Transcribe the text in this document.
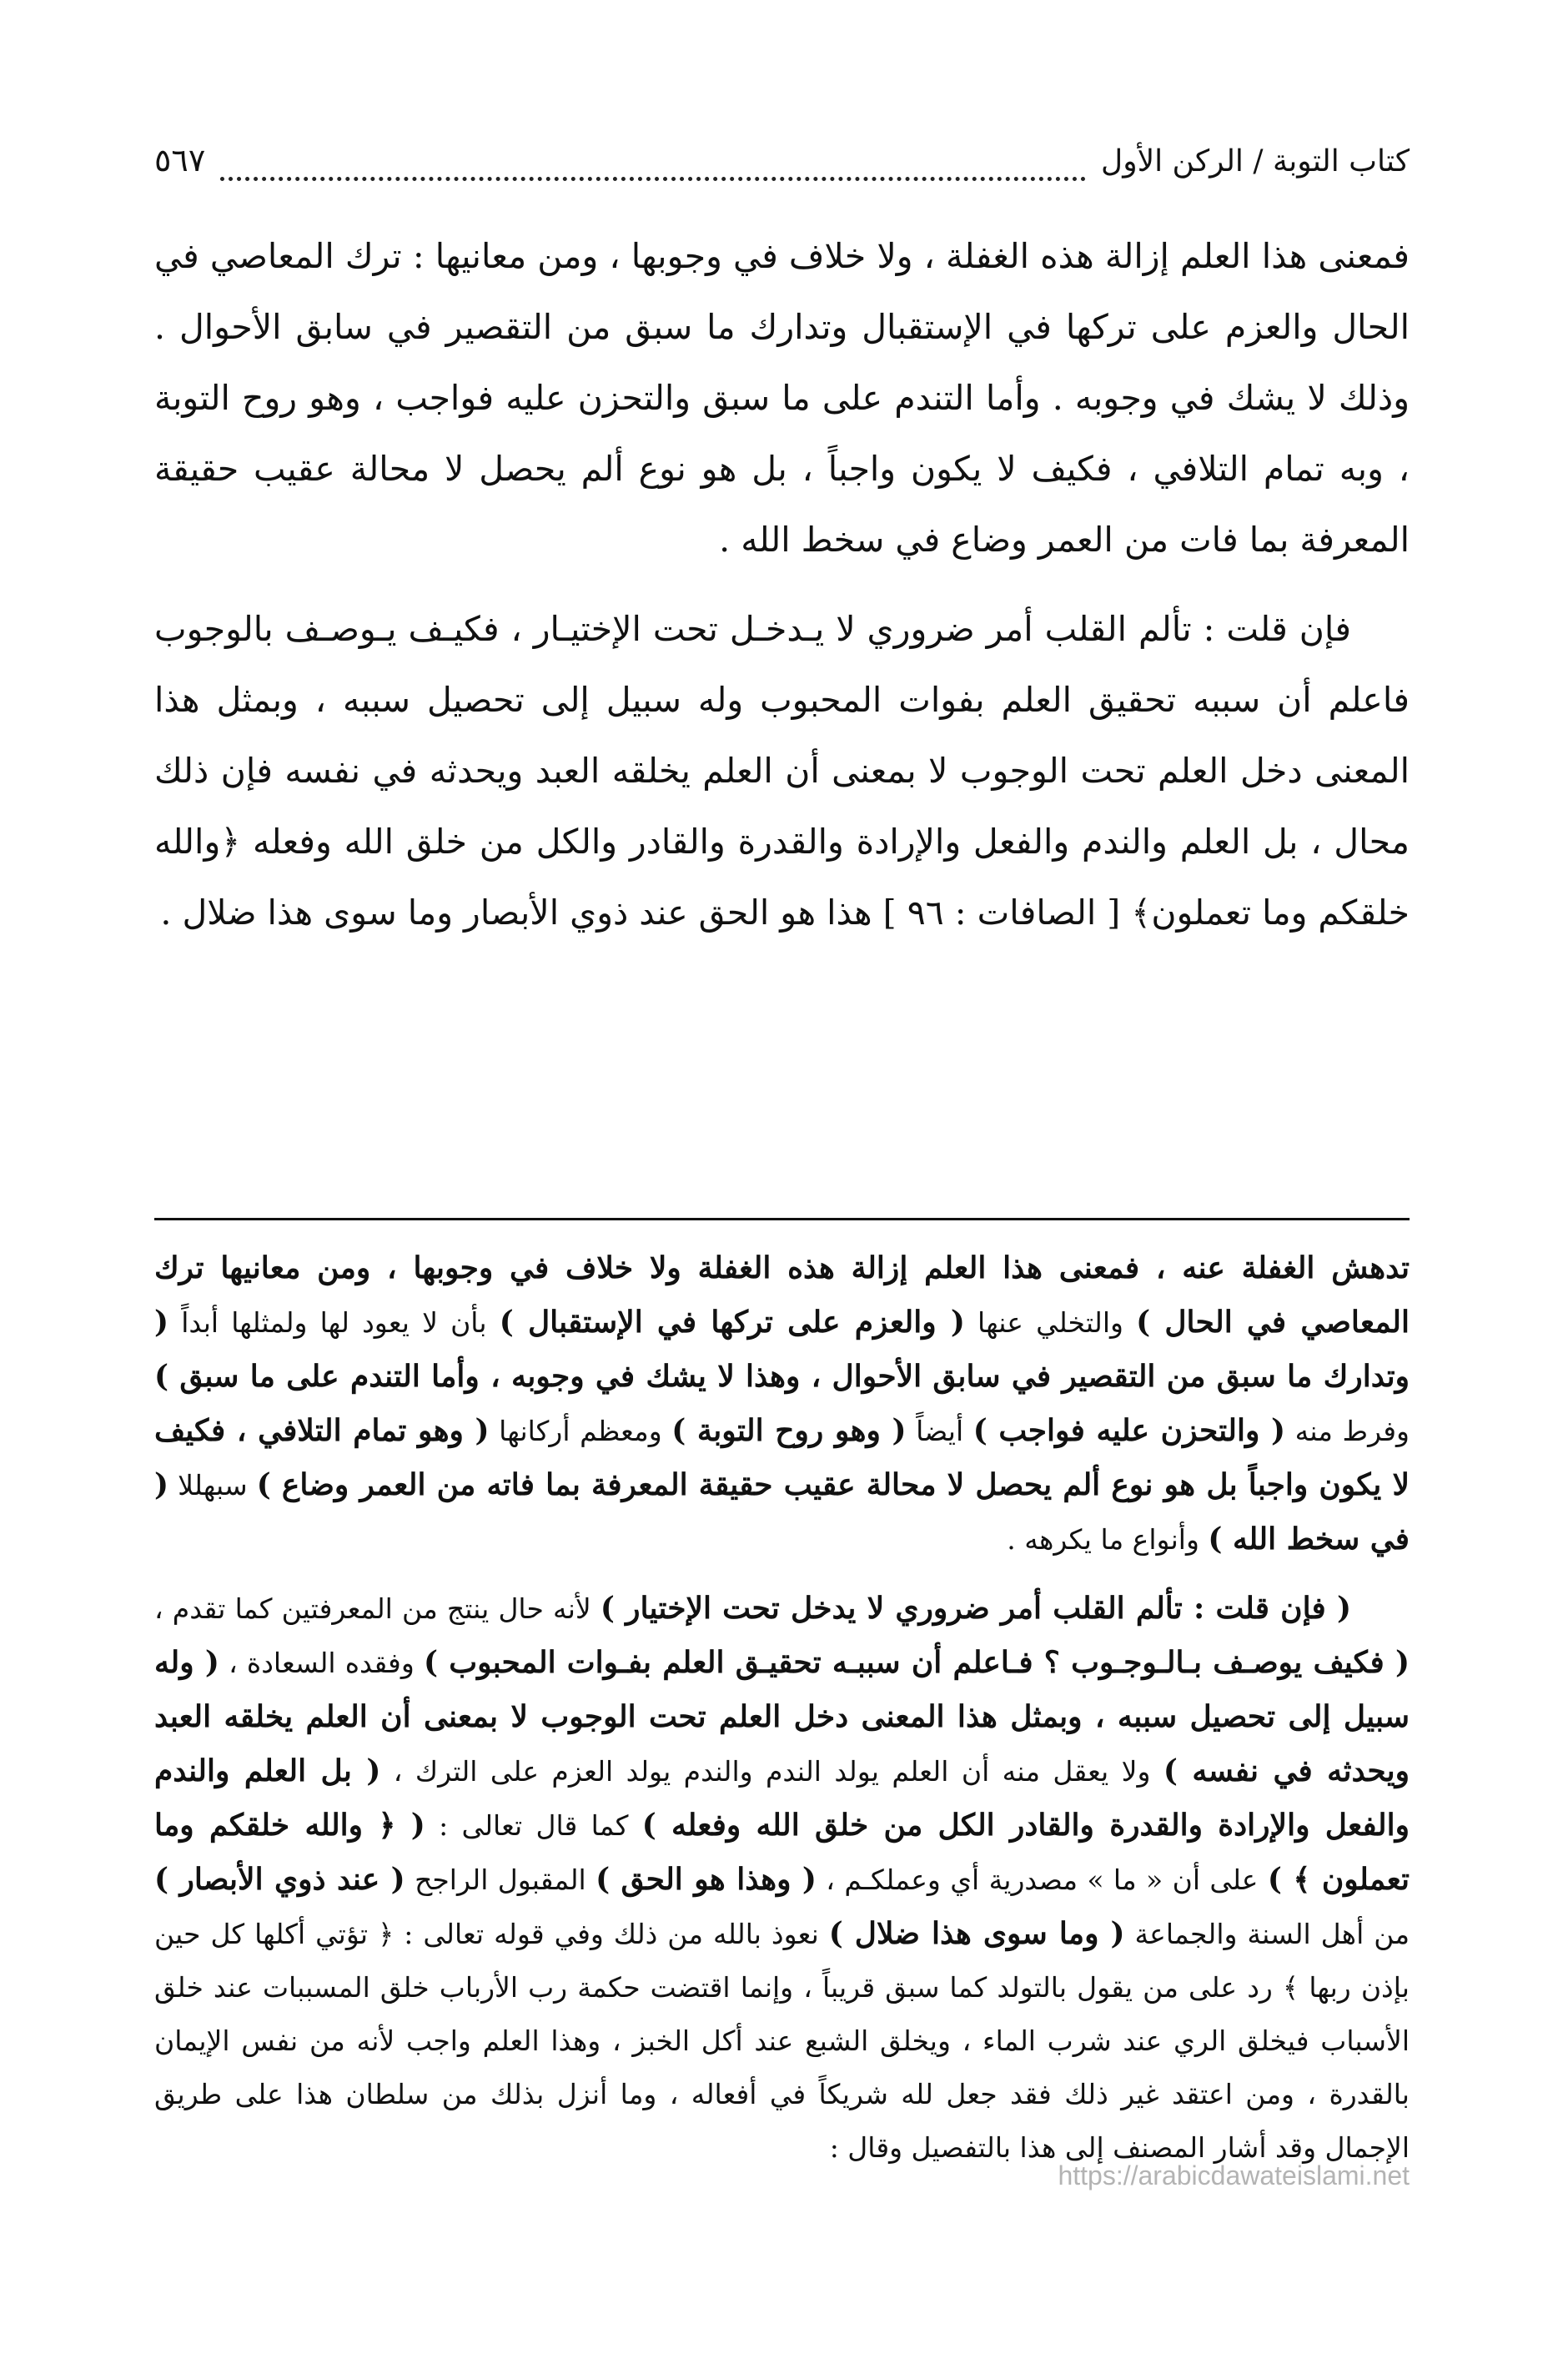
كتاب التوبة / الركن الأول
٥٦٧

فمعنى هذا العلم إزالة هذه الغفلة ، ولا خلاف في وجوبها ، ومن معانيها : ترك المعاصي في الحال والعزم على تركها في الإستقبال وتدارك ما سبق من التقصير في سابق الأحوال . وذلك لا يشك في وجوبه . وأما التندم على ما سبق والتحزن عليه فواجب ، وهو روح التوبة ، وبه تمام التلافي ، فكيف لا يكون واجباً ، بل هو نوع ألم يحصل لا محالة عقيب حقيقة المعرفة بما فات من العمر وضاع في سخط الله .

فإن قلت : تألم القلب أمر ضروري لا يـدخـل تحت الإختيـار ، فكيـف يـوصـف بالوجوب فاعلم أن سببه تحقيق العلم بفوات المحبوب وله سبيل إلى تحصيل سببه ، وبمثل هذا المعنى دخل العلم تحت الوجوب لا بمعنى أن العلم يخلقه العبد ويحدثه في نفسه فإن ذلك محال ، بل العلم والندم والفعل والإرادة والقدرة والقادر والكل من خلق الله وفعله ﴿والله خلقكم وما تعملون﴾ [ الصافات : ٩٦ ] هذا هو الحق عند ذوي الأبصار وما سوى هذا ضلال .

تدهش الغفلة عنه ، فمعنى هذا العلم إزالة هذه الغفلة ولا خلاف في وجوبها ، ومن معانيها ترك المعاصي في الحال ) والتخلي عنها ( والعزم على تركها في الإستقبال ) بأن لا يعود لها ولمثلها أبداً ( وتدارك ما سبق من التقصير في سابق الأحوال ، وهذا لا يشك في وجوبه ، وأما التندم على ما سبق ) وفرط منه ( والتحزن عليه فواجب ) أيضاً ( وهو روح التوبة ) ومعظم أركانها ( وهو تمام التلافي ، فكيف لا يكون واجباً بل هو نوع ألم يحصل لا محالة عقيب حقيقة المعرفة بما فاته من العمر وضاع ) سبهللا ( في سخط الله ) وأنواع ما يكرهه .

( فإن قلت : تألم القلب أمر ضروري لا يدخل تحت الإختيار ) لأنه حال ينتج من المعرفتين كما تقدم ، ( فكيف يوصـف بـالـوجـوب ؟ فـاعلم أن سببـه تحقيـق العلم بفـوات المحبوب ) وفقده السعادة ، ( وله سبيل إلى تحصيل سببه ، وبمثل هذا المعنى دخل العلم تحت الوجوب لا بمعنى أن العلم يخلقه العبد ويحدثه في نفسه ) ولا يعقل منه أن العلم يولد الندم والندم يولد العزم على الترك ، ( بل العلم والندم والفعل والإرادة والقدرة والقادر الكل من خلق الله وفعله ) كما قال تعالى : ( ﴿ والله خلقكم وما تعملون ﴾ ) على أن « ما » مصدرية أي وعملكـم ، ( وهذا هو الحق ) المقبول الراجح ( عند ذوي الأبصار ) من أهل السنة والجماعة ( وما سوى هذا ضلال ) نعوذ بالله من ذلك وفي قوله تعالى : ﴿ تؤتي أكلها كل حين بإذن ربها ﴾ رد على من يقول بالتولد كما سبق قريباً ، وإنما اقتضت حكمة رب الأرباب خلق المسببات عند خلق الأسباب فيخلق الري عند شرب الماء ، ويخلق الشبع عند أكل الخبز ، وهذا العلم واجب لأنه من نفس الإيمان بالقدرة ، ومن اعتقد غير ذلك فقد جعل لله شريكاً في أفعاله ، وما أنزل بذلك من سلطان هذا على طريق الإجمال وقد أشار المصنف إلى هذا بالتفصيل وقال :

https://arabicdawateislami.net
